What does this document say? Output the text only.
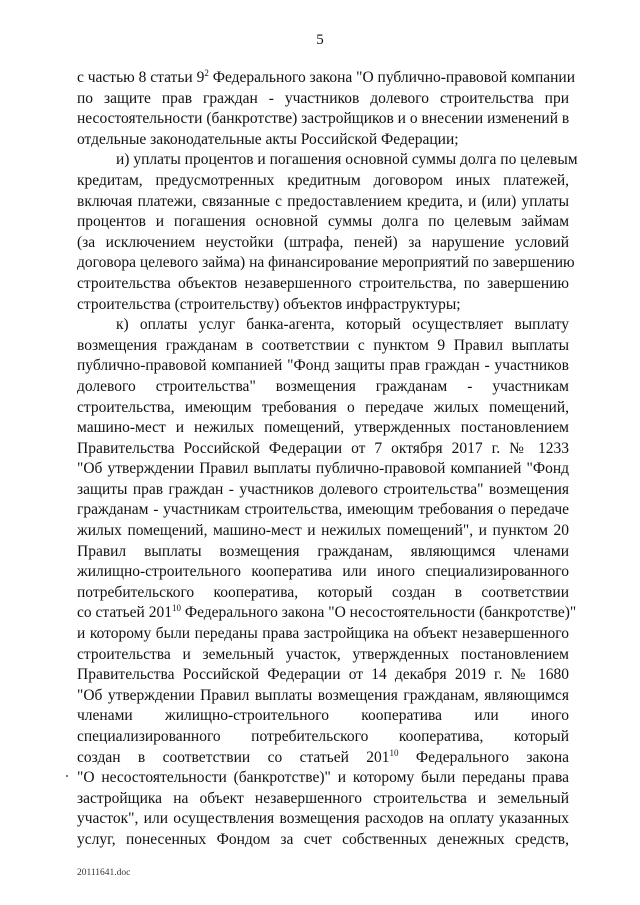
5
с частью 8 статьи $9^2$ Федерального закона "О публично-правовой компании
по защите прав граждан - участников долевого строительства при
несостоятельности (банкротстве) застройщиков и о внесении изменений в
отдельные законодательные акты Российской Федерации;
и) уплаты процентов и погашения основной суммы долга по целевым
кредитам, предусмотренных кредитным договором иных платежей,
включая платежи, связанные с предоставлением кредита, и (или) уплаты
процентов и погашения основной суммы долга по целевым займам
(за исключением неустойки (штрафа, пеней) за нарушение условий
договора целевого займа) на финансирование мероприятий по завершению
строительства объектов незавершенного строительства, по завершению
строительства (строительству) объектов инфраструктуры;
к) оплаты услуг банка-агента, который осуществляет выплату
возмещения гражданам в соответствии с пунктом 9 Правил выплаты
публично-правовой компанией "Фонд защиты прав граждан - участников
долевого строительства" возмещения гражданам - участникам
строительства, имеющим требования о передаче жилых помещений,
машино-мест и нежилых помещений, утвержденных постановлением
Правительства Российской Федерации от 7 октября 2017 г. № 1233
"Об утверждении Правил выплаты публично-правовой компанией "Фонд
защиты прав граждан - участников долевого строительства" возмещения
гражданам - участникам строительства, имеющим требования о передаче
жилых помещений, машино-мест и нежилых помещений", и пунктом 20
Правил выплаты возмещения гражданам, являющимся членами
жилищно-строительного кооператива или иного специализированного
потребительского кооператива, который создан в соответствии
со статьей $201^{10}$ Федерального закона "О несостоятельности (банкротстве)"
и которому были переданы права застройщика на объект незавершенного
строительства и земельный участок, утвержденных постановлением
Правительства Российской Федерации от 14 декабря 2019 г. № 1680
"Об утверждении Правил выплаты возмещения гражданам, являющимся
членами жилищно-строительного кооператива или иного
специализированного потребительского кооператива, который
создан в соответствии со статьей $201^{10}$ Федерального закона
"О несостоятельности (банкротстве)" и которому были переданы права
застройщика на объект незавершенного строительства и земельный
участок", или осуществления возмещения расходов на оплату указанных
услуг, понесенных Фондом за счет собственных денежных средств,
20111641.doc
